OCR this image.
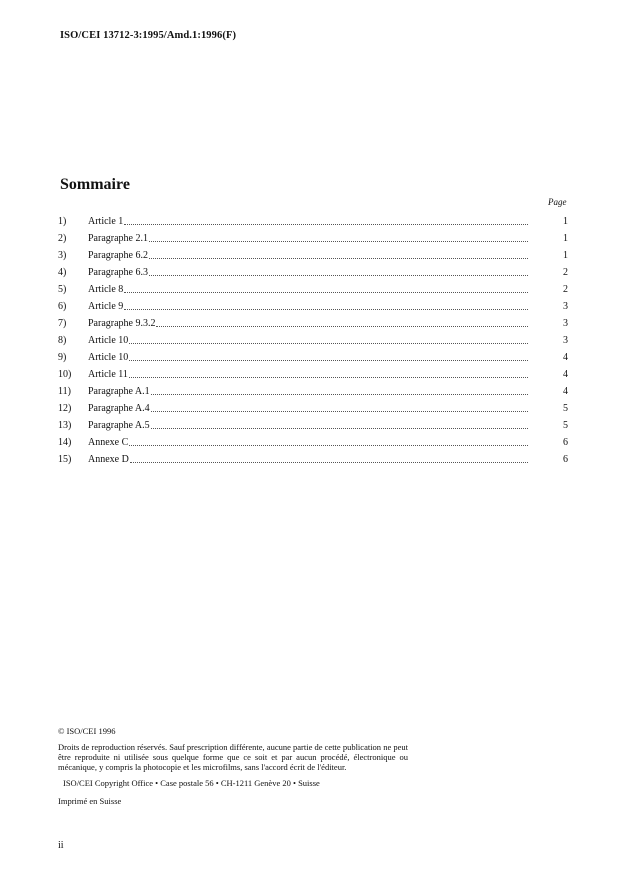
ISO/CEI 13712-3:1995/Amd.1:1996(F)
Sommaire
Page
1)	Article 1	1
2)	Paragraphe 2.1	1
3)	Paragraphe 6.2	1
4)	Paragraphe 6.3	2
5)	Article 8	2
6)	Article 9	3
7)	Paragraphe 9.3.2	3
8)	Article 10	3
9)	Article 10	4
10)	Article 11	4
11)	Paragraphe A.1	4
12)	Paragraphe A.4	5
13)	Paragraphe A.5	5
14)	Annexe C	6
15)	Annexe D	6
© ISO/CEI 1996
Droits de reproduction réservés. Sauf prescription différente, aucune partie de cette publication ne peut être reproduite ni utilisée sous quelque forme que ce soit et par aucun procédé, électronique ou mécanique, y compris la photocopie et les microfilms, sans l'accord écrit de l'éditeur.
ISO/CEI Copyright Office • Case postale 56 • CH-1211 Genève 20 • Suisse
Imprimé en Suisse
ii
